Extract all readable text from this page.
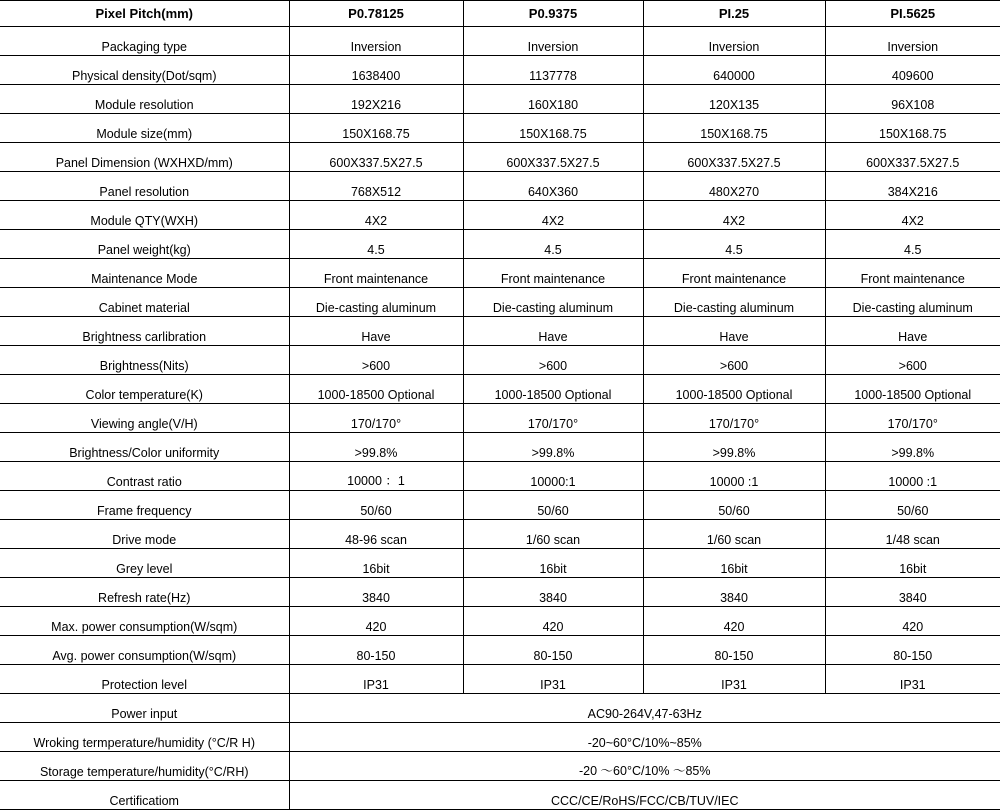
Pixel Pitch(mm)	P0.78125	P0.9375	PI.25	PI.5625
Packaging type	Inversion	Inversion	Inversion	Inversion
Physical density(Dot/sqm)	1638400	1137778	640000	409600
Module resolution	192X216	160X180	120X135	96X108
Module size(mm)	150X168.75	150X168.75	150X168.75	150X168.75
Panel Dimension (WXHXD/mm)	600X337.5X27.5	600X337.5X27.5	600X337.5X27.5	600X337.5X27.5
Panel resolution	768X512	640X360	480X270	384X216
Module QTY(WXH)	4X2	4X2	4X2	4X2
Panel weight(kg)	4.5	4.5	4.5	4.5
Maintenance Mode	Front maintenance	Front maintenance	Front maintenance	Front maintenance
Cabinet material	Die-casting aluminum	Die-casting aluminum	Die-casting aluminum	Die-casting aluminum
Brightness carlibration	Have	Have	Have	Have
Brightness(Nits)	>600	>600	>600	>600
Color temperature(K)	1000-18500 Optional	1000-18500 Optional	1000-18500 Optional	1000-18500 Optional
Viewing angle(V/H)	170/170°	170/170°	170/170°	170/170°
Brightness/Color uniformity	>99.8%	>99.8%	>99.8%	>99.8%
Contrast ratio	10000 ：1	10000:1	10000 :1	10000 :1
Frame frequency	50/60	50/60	50/60	50/60
Drive mode	48-96 scan	1/60 scan	1/60 scan	1/48 scan
Grey level	16bit	16bit	16bit	16bit
Refresh rate(Hz)	3840	3840	3840	3840
Max. power consumption(W/sqm)	420	420	420	420
Avg. power consumption(W/sqm)	80-150	80-150	80-150	80-150
Protection level	IP31	IP31	IP31	IP31
Power input	AC90-264V,47-63Hz			
Wroking termperature/humidity (°C/R H)	-20~60°C/10%~85%			
Storage temperature/humidity(°C/RH)	-20 ～60°C/10% ～85%			
Certificatiom	CCC/CE/RoHS/FCC/CB/TUV/IEC			
